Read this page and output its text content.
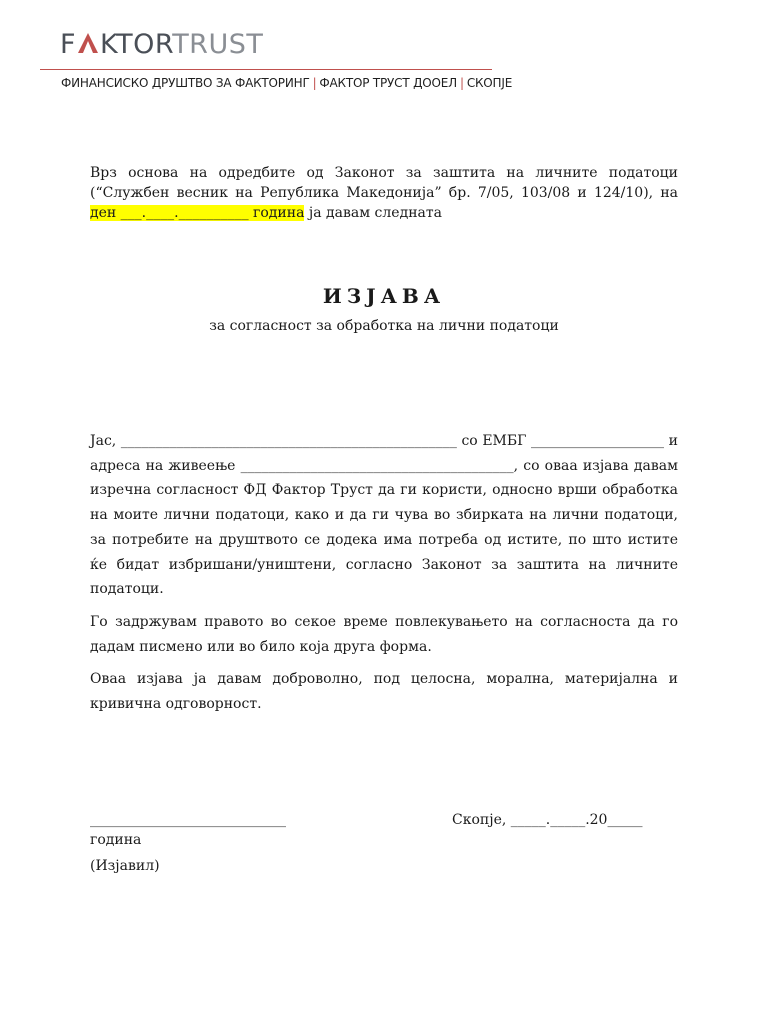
F KTORTRUST
ФИНАНСИСКО ДРУШТВО ЗА ФАКТОРИНГ | ФАКТОР ТРУСТ ДООЕЛ | СКОПЈЕ
Врз основа на одредбите од Законот за заштита на личните податоци (“Службен весник на Република Македонија” бр. 7/05, 103/08 и 124/10), на ден ___.____.__________ година ја давам следната
ИЗЈАВА
за согласност за обработка на лични податоци

Јас, ________________________________________________ со ЕМБГ ___________________ и адреса на живеење _______________________________________, со оваа изјава давам изречна согласност ФД Фактор Труст да ги користи, односно врши обработка на моите лични податоци, како и да ги чува во збирката на лични податоци, за потребите на друштвото се додека има потреба од истите, по што истите ќе бидат избришани/уништени, согласно Законот за заштита на личните податоци.

Го задржувам правото во секое време повлекувањето на согласноста да го дадам писмено или во било која друга форма.

Оваа изјава ја давам доброволно, под целосна, морална, материјална и кривична одговорност.

____________________________	Скопје, _____._____.20_____
година
(Изјавил)
